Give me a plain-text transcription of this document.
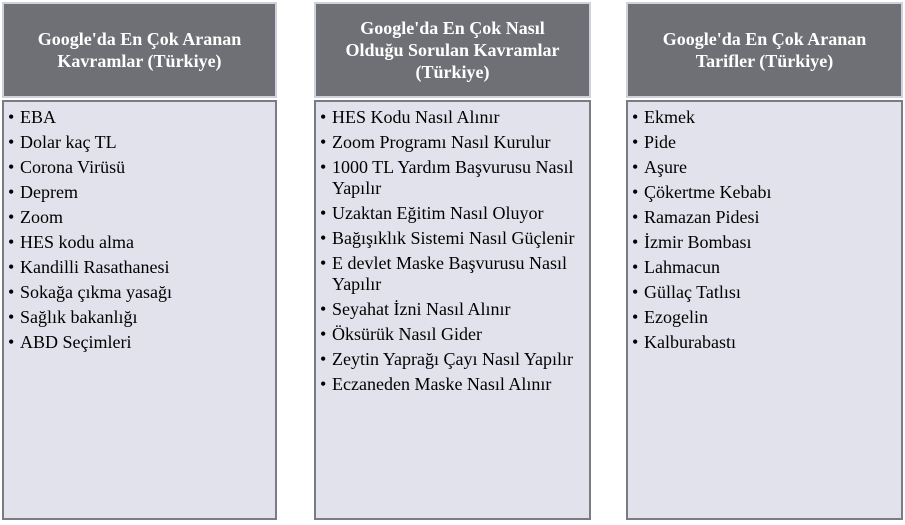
Google'da En Çok Aranan
Kavramlar (Türkiye)
• EBA
• Dolar kaç TL
• Corona Virüsü
• Deprem
• Zoom
• HES kodu alma
• Kandilli Rasathanesi
• Sokağa çıkma yasağı
• Sağlık bakanlığı
• ABD Seçimleri
Google'da En Çok Nasıl
Olduğu Sorulan Kavramlar
(Türkiye)
• HES Kodu Nasıl Alınır
• Zoom Programı Nasıl Kurulur
• 1000 TL Yardım Başvurusu Nasıl Yapılır
• Uzaktan Eğitim Nasıl Oluyor
• Bağışıklık Sistemi Nasıl Güçlenir
• E devlet Maske Başvurusu Nasıl Yapılır
• Seyahat İzni Nasıl Alınır
• Öksürük Nasıl Gider
• Zeytin Yaprağı Çayı Nasıl Yapılır
• Eczaneden Maske Nasıl Alınır
Google'da En Çok Aranan
Tarifler (Türkiye)
• Ekmek
• Pide
• Aşure
• Çökertme Kebabı
• Ramazan Pidesi
• İzmir Bombası
• Lahmacun
• Güllaç Tatlısı
• Ezogelin
• Kalburabastı
